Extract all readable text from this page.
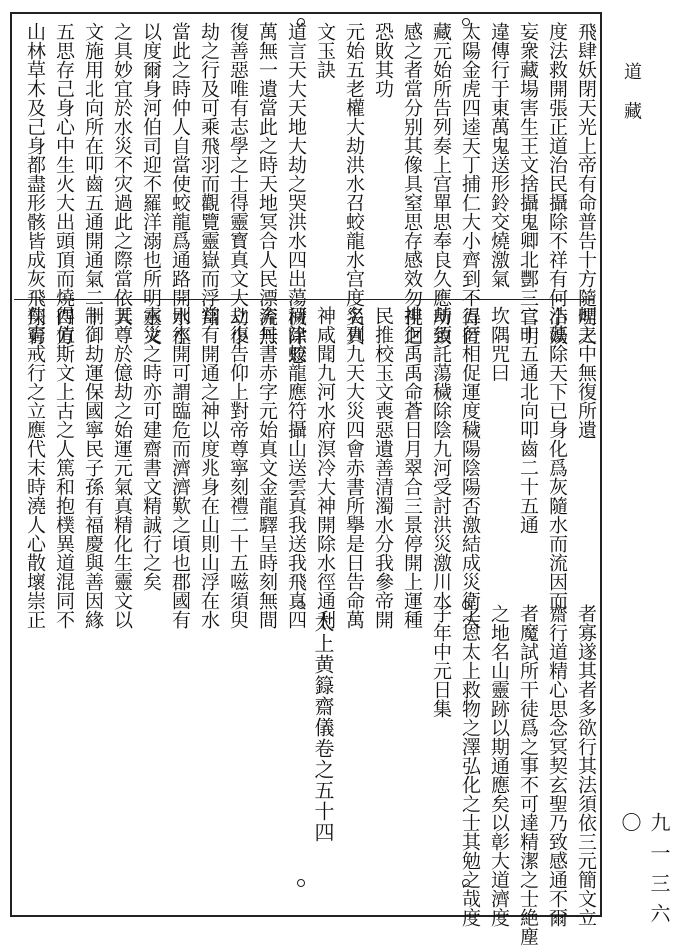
道 藏
九 一 三 六 〇
飛肆妖閉天光上帝有命普告十方隨明天
度法救開張正道治民攝除不祥有何小妖
妄衆藏場害生王文捨攝鬼卿北酆三官明
違傳行于東萬鬼送形鈴交燒激氣
太陽金虎四逵天丁捕仁大小齊到不得匿
藏元始所告列奏上宫單思奉良久應所致
感之者當分别其像具窒思存感效勿視之
恐敗其功
元始五老權大劫洪水召蛟龍水宫度災真
文玉訣
道言天大天地大劫之哭洪水四出蕩穢除惡
萬無一遺當此之時天地冥合人民漂流無
復善惡唯有志學之士得靈寳真文大劫小
劫之行及可乘飛羽而觀覽靈嶽而浮翔
當此之時仲人自當使蛟龍爲通路開水徑
以度爾身河伯司迎不羅洋溺也所明靈文
之具妙宜於水災不灾過此之際當依其
文施用北向所在叩齒五通開通氣二十
五思存己身心中生火大出頭頂而燒四方
山林草木及己身都盡形骸皆成灰飛翔青
煙之中無復所遺
浩蕩除天下已身化爲灰隨水而流因而
二十五通北向叩齒二十五通
坎隅咒曰
五行相促運度穢陽陰陽否激結成災衛大
劫須託蕩穢除陰九河受討洪災激川水
排徊禹禹命蒼日月翠合三景停開上運種
民推校玉文喪惡遺善清濁水分我參帝開
名列九天大災四會赤書所擧是日告命萬
神咸聞九河水府溟冷大神開除水徑通利
河津蛟龍應符攝山送雲真我送我飛真四
奔丹書赤字元始真文金龍驛呈時刻無間
立復告仰上對帝尊寧刻禮二十五嗞須臾
當有開通之神以度兆身在山則山浮在水
則水開可謂臨危而濟濟歎之頃也郡國有
水災之時亦可建齋書文精誠行之矣
天尊於億劫之始運元氣真精化生靈文以
制御劫運保國寧民子孫有福慶與善因緣
得值斯文上古之人篤和抱樸異道混同不
佚窮戒行之立應代末時澆人心散壞崇正
者寡遂其者多欲行其法須依三元簡文立
齋行道精心思念冥契玄聖乃致感通不爾
者魔試所干徒爲之事不可達精潔之士絶塵
之地名山靈跡以期通應矣以彰大道濟度
之恩太上救物之澤弘化之士其勉之哉度
子年中元日集
太上黄籙齋儀卷之五十四
